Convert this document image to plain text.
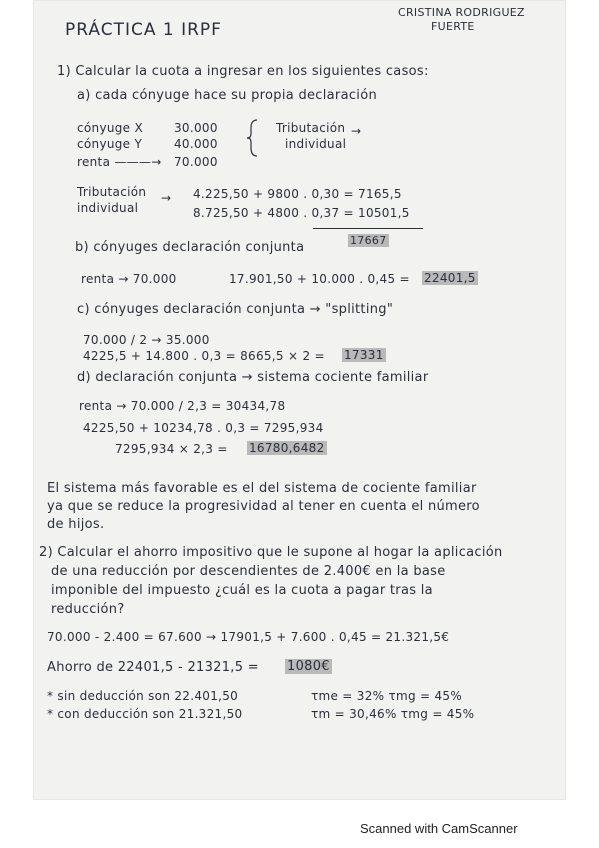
PRÁCTICA 1 IRPF
CRISTINA RODRIGUEZ
FUERTE
1) Calcular la cuota a ingresar en los siguientes casos:
a) cada cónyuge hace su propia declaración
cónyuge X	30.000
cónyuge Y	40.000
renta ———→ 70.000
Tributación →
individual
Tributación
individual
→ 4.225,50 + 9800 . 0,30 = 7165,5
8.725,50 + 4800 . 0,37 = 10501,5
17667
b) cónyuges declaración conjunta
renta → 70.000	17.901,50 + 10.000 . 0,45 = 22401,5
c) cónyuges declaración conjunta → "splitting"
70.000 / 2 → 35.000
4225,5 + 14.800 . 0,3 = 8665,5 × 2 = 17331
d) declaración conjunta → sistema cociente familiar
renta → 70.000 / 2,3 = 30434,78
4225,50 + 10234,78 . 0,3 = 7295,934
7295,934 × 2,3 = 16780,6482
El sistema más favorable es el del sistema de cociente familiar
ya que se reduce la progresividad al tener en cuenta el número
de hijos.
2) Calcular el ahorro impositivo que le supone al hogar la aplicación
de una reducción por descendientes de 2.400€ en la base
imponible del impuesto ¿cuál es la cuota a pagar tras la
reducción?
70.000 - 2.400 = 67.600 → 17901,5 + 7.600 . 0,45 = 21.321,5€
Ahorro de 22401,5 - 21321,5 = 1080€
* sin deducción son 22.401,50	τme = 32% τmg = 45%
* con deducción son 21.321,50	τm = 30,46% τmg = 45%
Scanned with CamScanner
